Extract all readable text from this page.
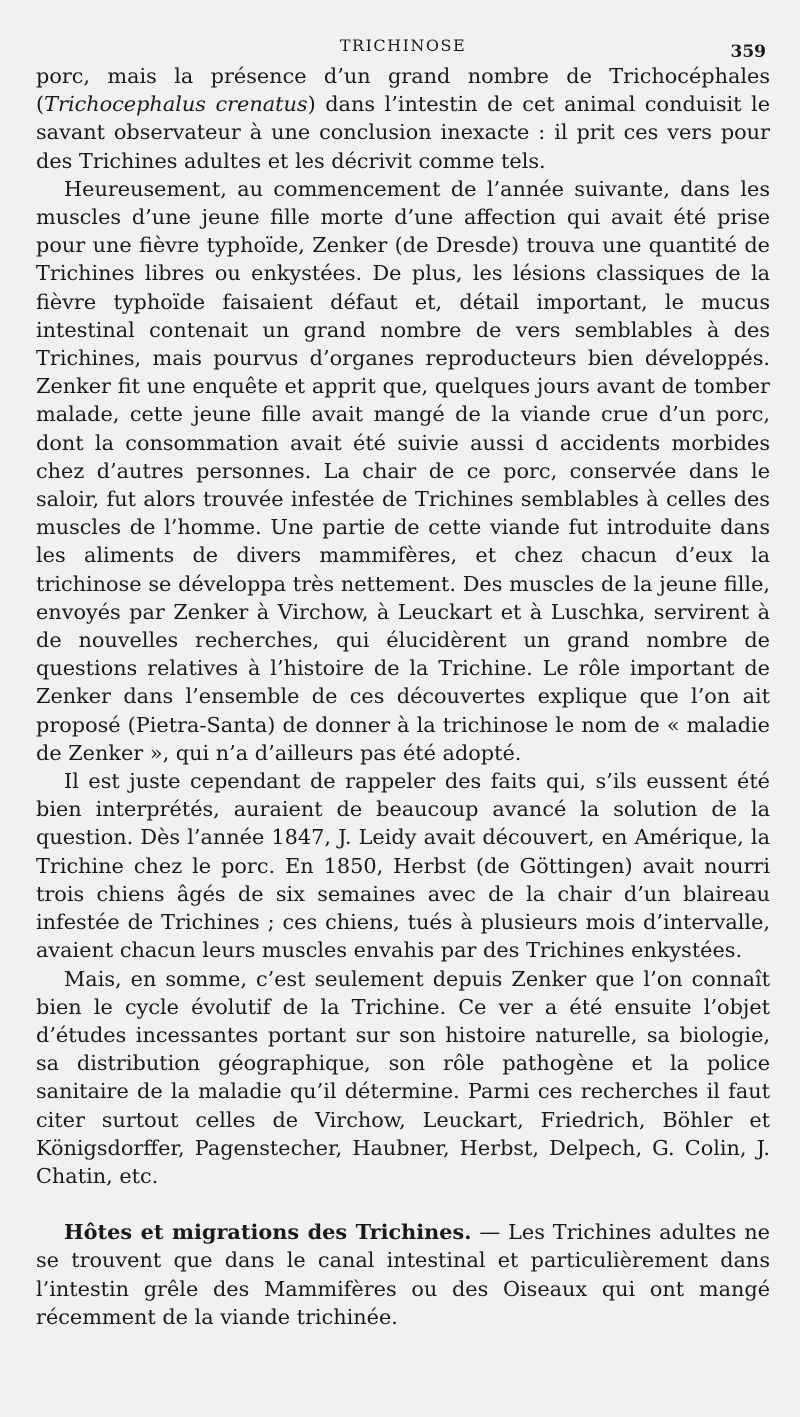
TRICHINOSE	359

porc, mais la présence d’un grand nombre de Trichocéphales (Trichocephalus crenatus) dans l’intestin de cet animal conduisit le savant observateur à une conclusion inexacte : il prit ces vers pour des Trichines adultes et les décrivit comme tels.

Heureusement, au commencement de l’année suivante, dans les muscles d’une jeune fille morte d’une affection qui avait été prise pour une fièvre typhoïde, Zenker (de Dresde) trouva une quantité de Trichines libres ou enkystées. De plus, les lésions classiques de la fièvre typhoïde faisaient défaut et, détail important, le mucus intestinal contenait un grand nombre de vers semblables à des Trichines, mais pourvus d’organes reproducteurs bien développés. Zenker fit une enquête et apprit que, quelques jours avant de tomber malade, cette jeune fille avait mangé de la viande crue d’un porc, dont la consommation avait été suivie aussi d accidents morbides chez d’autres personnes. La chair de ce porc, conservée dans le saloir, fut alors trouvée infestée de Trichines semblables à celles des muscles de l’homme. Une partie de cette viande fut introduite dans les aliments de divers mammifères, et chez chacun d’eux la trichinose se développa très nettement. Des muscles de la jeune fille, envoyés par Zenker à Virchow, à Leuckart et à Luschka, servirent à de nouvelles recherches, qui élucidèrent un grand nombre de questions relatives à l’histoire de la Trichine. Le rôle important de Zenker dans l’ensemble de ces découvertes explique que l’on ait proposé (Pietra-Santa) de donner à la trichinose le nom de « maladie de Zenker », qui n’a d’ailleurs pas été adopté.

Il est juste cependant de rappeler des faits qui, s’ils eussent été bien interprétés, auraient de beaucoup avancé la solution de la question. Dès l’année 1847, J. Leidy avait découvert, en Amérique, la Trichine chez le porc. En 1850, Herbst (de Göttingen) avait nourri trois chiens âgés de six semaines avec de la chair d’un blaireau infestée de Trichines ; ces chiens, tués à plusieurs mois d’intervalle, avaient chacun leurs muscles envahis par des Trichines enkystées.

Mais, en somme, c’est seulement depuis Zenker que l’on connaît bien le cycle évolutif de la Trichine. Ce ver a été ensuite l’objet d’études incessantes portant sur son histoire naturelle, sa biologie, sa distribution géographique, son rôle pathogène et la police sanitaire de la maladie qu’il détermine. Parmi ces recherches il faut citer surtout celles de Virchow, Leuckart, Friedrich, Böhler et Königsdorffer, Pagenstecher, Haubner, Herbst, Delpech, G. Colin, J. Chatin, etc.

Hôtes et migrations des Trichines. — Les Trichines adultes ne se trouvent que dans le canal intestinal et particulièrement dans l’intestin grêle des Mammifères ou des Oiseaux qui ont mangé récemment de la viande trichinée.
